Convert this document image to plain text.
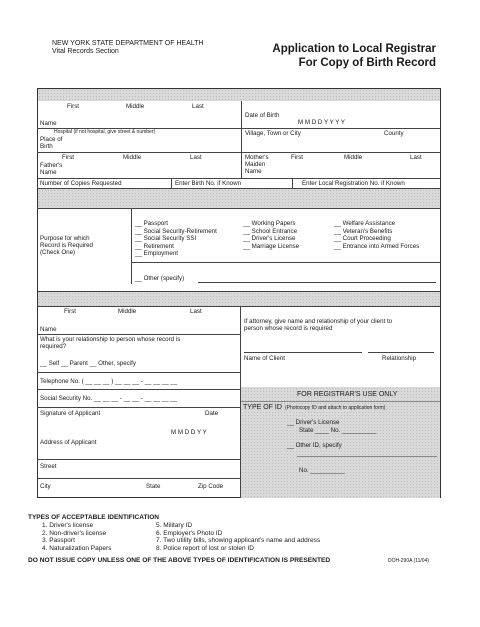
NEW YORK STATE DEPARTMENT OF HEALTH
Vital Records Section	Application to Local Registrar
For Copy of Birth Record
First	Middle	Last
Name
Date of Birth
M M D D Y Y Y Y
Hospital (if not hospital, give street & number)
Place of
Birth
Village, Town or City	County
First	Middle	Last
Father's
Name
Mother's
Maiden
Name
First	Middle	Last
Number of Copies Requested	Enter Birth No. if Known	Enter Local Registration No. if Known
Purpose for which
Record is Required
(Check One)
__ Passport
__ Social Security-Retirement
__ Social Security SSI
__ Retirement
__ Employment
__ Working Papers
__ School Entrance
__ Driver's License
__ Marriage License
__ Welfare Assistance
__ Veteran's Benefits
__ Court Proceeding
__ Entrance into Armed Forces
__ Other (specify)
First	Middle	Last
Name
What is your relationship to person whose record is
required?
__ Self __ Parent __ Other, specify
Telephone No. ( __ __ __ ) __ __ __ - __ __ __ __
Social Security No. __ __ __ - __ __ - __ __ __ __
Signature of Applicant	Date
M M D D Y Y
Address of Applicant
Street
City	State	Zip Code
If attorney, give name and relationship of your client to
person whose record is required
Name of Client	Relationship
FOR REGISTRAR'S USE ONLY
TYPE OF ID (Photocopy ID and attach to application form)
__ Driver's License
State ____ No. __________
__ Other ID, specify
No. __________
TYPES OF ACCEPTABLE IDENTIFICATION
1. Driver's license
2. Non-driver's license
3. Passport
4. Naturalization Papers
5. Military ID
6. Employer's Photo ID
7. Two utility bills, showing applicant's name and address
8. Police report of lost or stolen ID
DO NOT ISSUE COPY UNLESS ONE OF THE ABOVE TYPES OF IDENTIFICATION IS PRESENTED	DOH-290A (11/04)
